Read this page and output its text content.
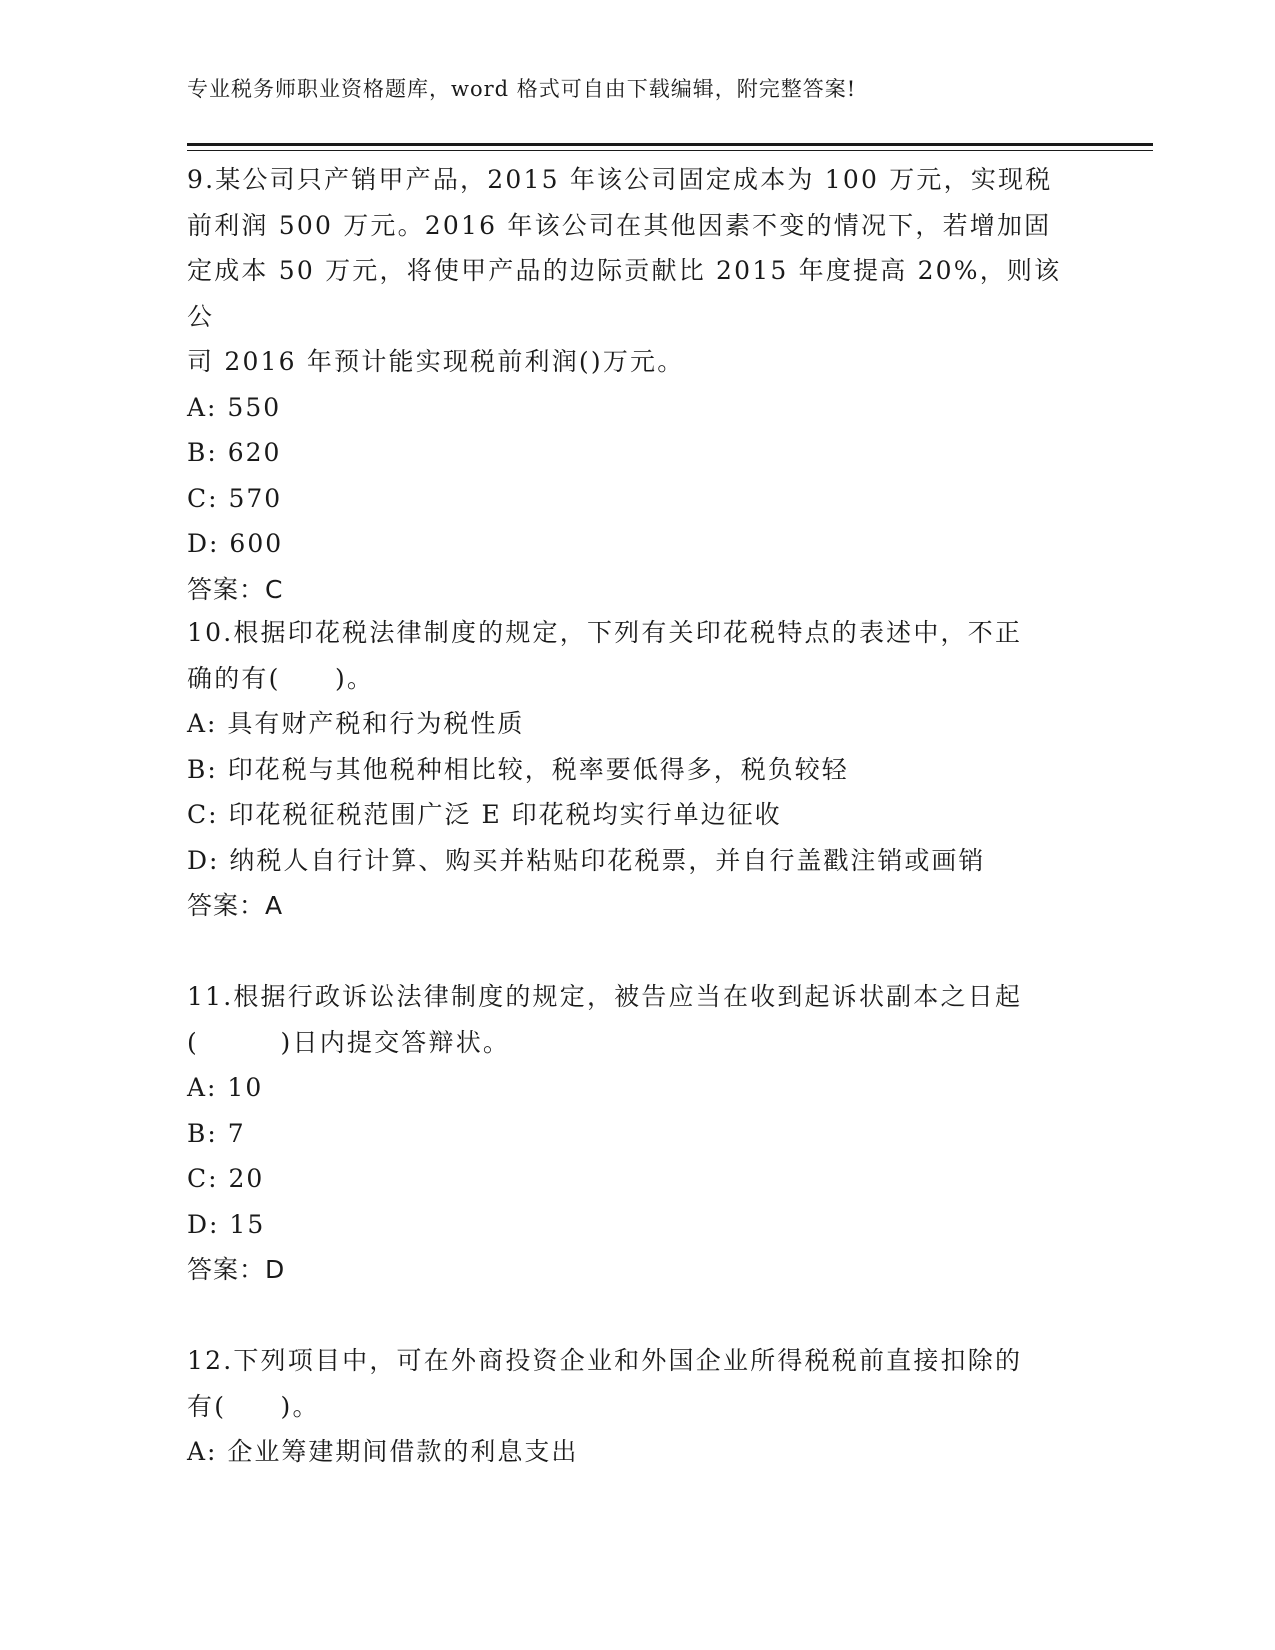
专业税务师职业资格题库，word 格式可自由下载编辑，附完整答案!
9.某公司只产销甲产品，2015 年该公司固定成本为 100 万元，实现税
前利润 500 万元。2016 年该公司在其他因素不变的情况下，若增加固
定成本 50 万元，将使甲产品的边际贡献比 2015 年度提高 20%，则该公
司 2016 年预计能实现税前利润()万元。
A: 550
B: 620
C: 570
D: 600
答案：C
10.根据印花税法律制度的规定，下列有关印花税特点的表述中，不正
确的有(　　)。
A: 具有财产税和行为税性质
B: 印花税与其他税种相比较，税率要低得多，税负较轻
C: 印花税征税范围广泛 E 印花税均实行单边征收
D: 纳税人自行计算、购买并粘贴印花税票，并自行盖戳注销或画销
答案：A
11.根据行政诉讼法律制度的规定，被告应当在收到起诉状副本之日起
(　　　)日内提交答辩状。
A: 10
B: 7
C: 20
D: 15
答案：D
12.下列项目中，可在外商投资企业和外国企业所得税税前直接扣除的
有(　　)。
A: 企业筹建期间借款的利息支出
